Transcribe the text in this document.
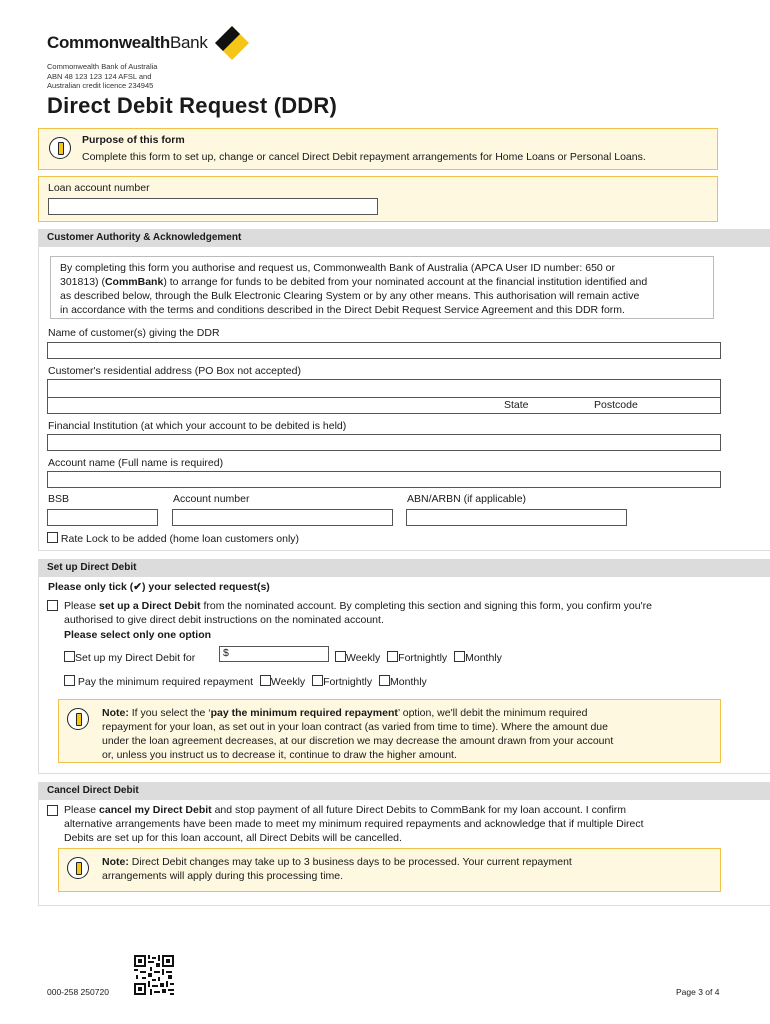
CommonwealthBank
Commonwealth Bank of Australia
ABN 48 123 123 124 AFSL and
Australian credit licence 234945
Direct Debit Request (DDR)
Purpose of this form
Complete this form to set up, change or cancel Direct Debit repayment arrangements for Home Loans or Personal Loans.
Loan account number
Customer Authority & Acknowledgement
By completing this form you authorise and request us, Commonwealth Bank of Australia (APCA User ID number: 650 or
301813) (CommBank) to arrange for funds to be debited from your nominated account at the financial institution identified and
as described below, through the Bulk Electronic Clearing System or by any other means. This authorisation will remain active
in accordance with the terms and conditions described in the Direct Debit Request Service Agreement and this DDR form.
Name of customer(s) giving the DDR
Customer's residential address (PO Box not accepted)
State	Postcode
Financial Institution (at which your account to be debited is held)
Account name (Full name is required)
BSB	Account number	ABN/ARBN (if applicable)
Rate Lock to be added (home loan customers only)
Set up Direct Debit
Please only tick (✔) your selected request(s)
Please set up a Direct Debit from the nominated account. By completing this section and signing this form, you confirm you're
authorised to give direct debit instructions on the nominated account.
Please select only one option
Set up my Direct Debit for	$	Weekly Fortnightly Monthly
Pay the minimum required repayment Weekly Fortnightly Monthly
Note: If you select the ‘pay the minimum required repayment’ option, we'll debit the minimum required
repayment for your loan, as set out in your loan contract (as varied from time to time). Where the amount due
under the loan agreement decreases, at our discretion we may decrease the amount drawn from your account
or, unless you instruct us to decrease it, continue to draw the higher amount.
Cancel Direct Debit
Please cancel my Direct Debit and stop payment of all future Direct Debits to CommBank for my loan account. I confirm
alternative arrangements have been made to meet my minimum required repayments and acknowledge that if multiple Direct
Debits are set up for this loan account, all Direct Debits will be cancelled.
Note: Direct Debit changes may take up to 3 business days to be processed. Your current repayment
arrangements will apply during this processing time.
000-258 250720	Page 3 of 4
